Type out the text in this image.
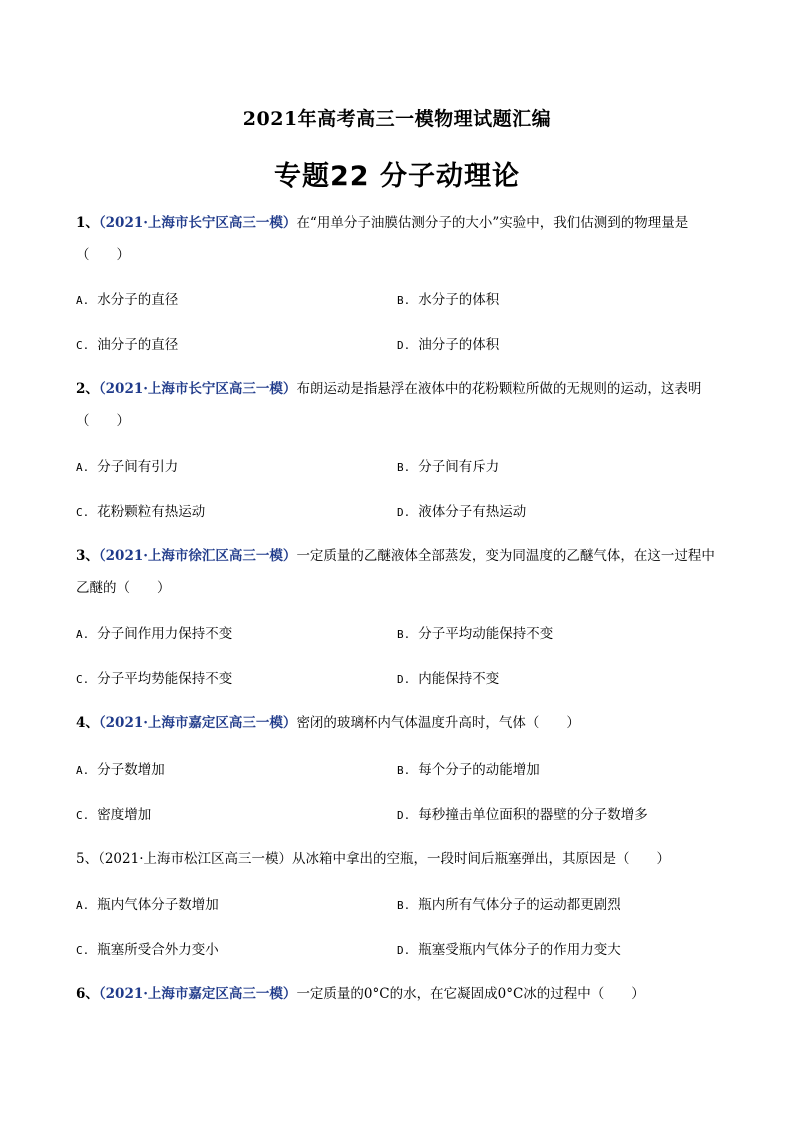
2021年高考高三一模物理试题汇编
专题22 分子动理论
1、（2021·上海市长宁区高三一模）在“用单分子油膜估测分子的大小”实验中，我们估测到的物理量是（　　）
A. 水分子的直径	B. 水分子的体积
C. 油分子的直径	D. 油分子的体积
2、（2021·上海市长宁区高三一模）布朗运动是指悬浮在液体中的花粉颗粒所做的无规则的运动，这表明（　　）
A. 分子间有引力	B. 分子间有斥力
C. 花粉颗粒有热运动	D. 液体分子有热运动
3、（2021·上海市徐汇区高三一模）一定质量的乙醚液体全部蒸发，变为同温度的乙醚气体，在这一过程中乙醚的（　　）
A. 分子间作用力保持不变	B. 分子平均动能保持不变
C. 分子平均势能保持不变	D. 内能保持不变
4、（2021·上海市嘉定区高三一模）密闭的玻璃杯内气体温度升高时，气体（　　）
A. 分子数增加	B. 每个分子的动能增加
C. 密度增加	D. 每秒撞击单位面积的器壁的分子数增多
5、（2021·上海市松江区高三一模）从冰箱中拿出的空瓶，一段时间后瓶塞弹出，其原因是（　　）
A. 瓶内气体分子数增加	B. 瓶内所有气体分子的运动都更剧烈
C. 瓶塞所受合外力变小	D. 瓶塞受瓶内气体分子的作用力变大
6、（2021·上海市嘉定区高三一模）一定质量的0°C的水，在它凝固成0°C冰的过程中（　　）
